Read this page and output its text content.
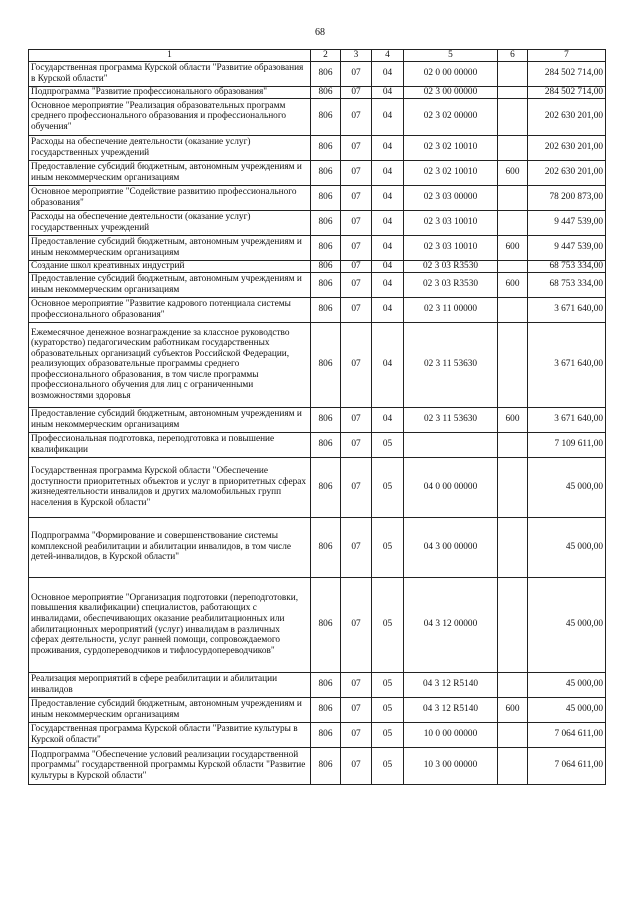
68
1	2	3	4	5	6	7
Государственная программа Курской области "Развитие образования в Курской области"	806	07	04	02 0 00 00000		284 502 714,00
Подпрограмма "Развитие профессионального образования"	806	07	04	02 3 00 00000		284 502 714,00
Основное мероприятие "Реализация образовательных программ среднего профессионального образования и профессионального обучения"	806	07	04	02 3 02 00000		202 630 201,00
Расходы на обеспечение деятельности (оказание услуг) государственных учреждений	806	07	04	02 3 02 10010		202 630 201,00
Предоставление субсидий бюджетным, автономным учреждениям и иным некоммерческим организациям	806	07	04	02 3 02 10010	600	202 630 201,00
Основное мероприятие "Содействие развитию профессионального образования"	806	07	04	02 3 03 00000		78 200 873,00
Расходы на обеспечение деятельности (оказание услуг) государственных учреждений	806	07	04	02 3 03 10010		9 447 539,00
Предоставление субсидий бюджетным, автономным учреждениям и иным некоммерческим организациям	806	07	04	02 3 03 10010	600	9 447 539,00
Создание школ креативных индустрий	806	07	04	02 3 03 R3530		68 753 334,00
Предоставление субсидий бюджетным, автономным учреждениям и иным некоммерческим организациям	806	07	04	02 3 03 R3530	600	68 753 334,00
Основное мероприятие "Развитие кадрового потенциала системы профессионального образования"	806	07	04	02 3 11 00000		3 671 640,00
Ежемесячное денежное вознаграждение за классное руководство (кураторство) педагогическим работникам государственных образовательных организаций субъектов Российской Федерации, реализующих образовательные программы среднего профессионального образования, в том числе программы профессионального обучения для лиц с ограниченными возможностями здоровья	806	07	04	02 3 11 53630		3 671 640,00
Предоставление субсидий бюджетным, автономным учреждениям и иным некоммерческим организациям	806	07	04	02 3 11 53630	600	3 671 640,00
Профессиональная подготовка, переподготовка и повышение квалификации	806	07	05			7 109 611,00
Государственная программа Курской области "Обеспечение доступности приоритетных объектов и услуг в приоритетных сферах жизнедеятельности инвалидов и других маломобильных групп населения в Курской области"	806	07	05	04 0 00 00000		45 000,00
Подпрограмма "Формирование и совершенствование системы комплексной реабилитации и абилитации инвалидов, в том числе детей-инвалидов, в Курской области"	806	07	05	04 3 00 00000		45 000,00
Основное мероприятие "Организация подготовки (переподготовки, повышения квалификации) специалистов, работающих с инвалидами, обеспечивающих оказание реабилитационных или абилитационных мероприятий (услуг) инвалидам в различных сферах деятельности, услуг ранней помощи, сопровождаемого проживания, сурдопереводчиков и тифлосурдопереводчиков"	806	07	05	04 3 12 00000		45 000,00
Реализация мероприятий в сфере реабилитации и абилитации инвалидов	806	07	05	04 3 12 R5140		45 000,00
Предоставление субсидий бюджетным, автономным учреждениям и иным некоммерческим организациям	806	07	05	04 3 12 R5140	600	45 000,00
Государственная программа Курской области "Развитие культуры в Курской области"	806	07	05	10 0 00 00000		7 064 611,00
Подпрограмма "Обеспечение условий реализации государственной программы" государственной программы Курской области "Развитие культуры в Курской области"	806	07	05	10 3 00 00000		7 064 611,00
